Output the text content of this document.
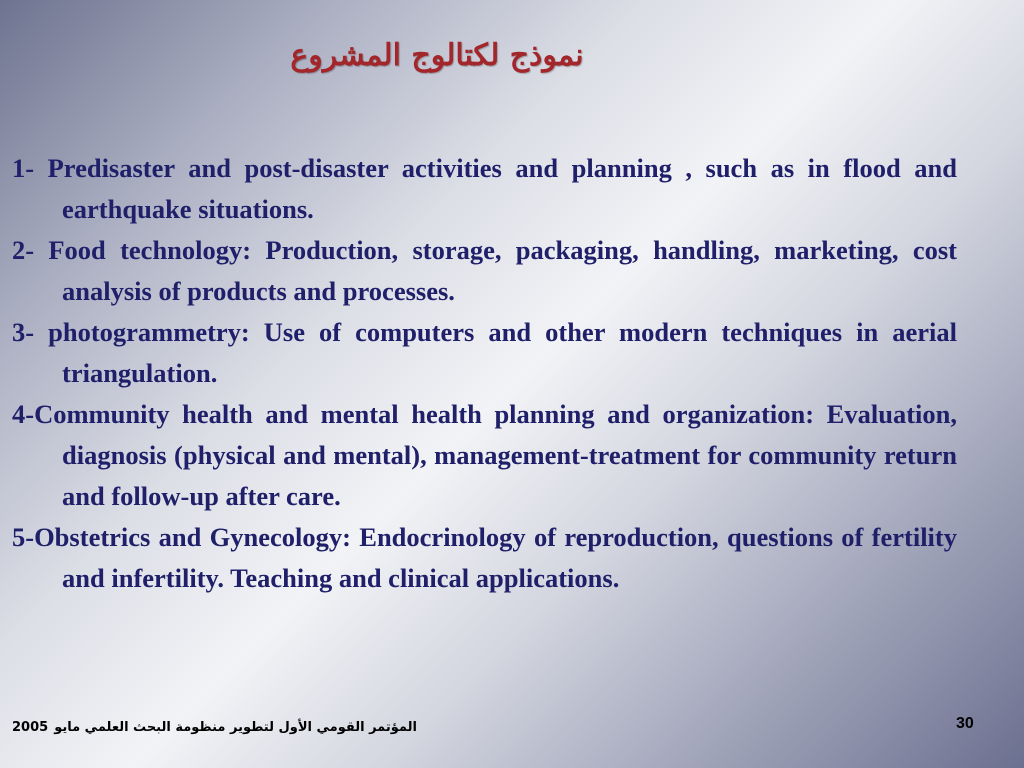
نموذج لكتالوج المشروع
1- Predisaster and post-disaster activities and planning , such as in flood and earthquake situations.
2- Food technology: Production, storage, packaging, handling, marketing, cost analysis of products and processes.
3- photogrammetry: Use of computers and other modern techniques in aerial triangulation.
4-Community health and mental health planning and organization: Evaluation, diagnosis (physical and mental), management-treatment for community return and follow-up after care.
5-Obstetrics and Gynecology: Endocrinology of reproduction, questions of fertility and infertility. Teaching and clinical applications.
2005 المؤتمر القومي الأول لتطوير منظومة البحث العلمي مايو	30
